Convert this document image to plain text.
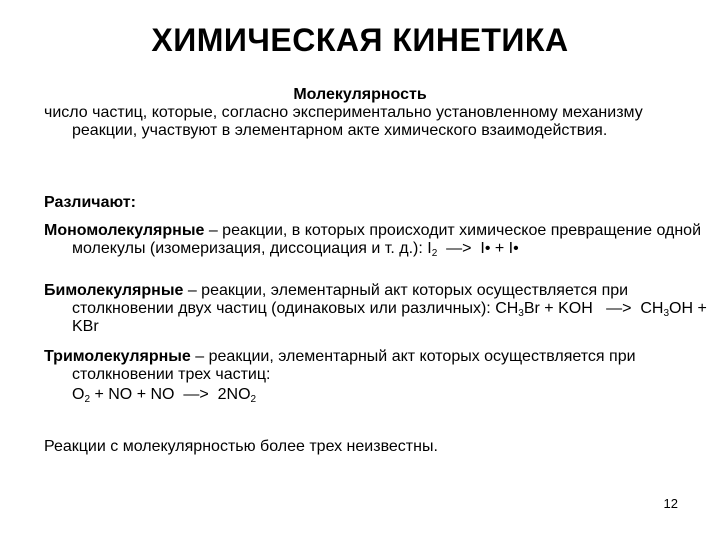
ХИМИЧЕСКАЯ КИНЕТИКА
Молекулярность
число частиц, которые, согласно экспериментально установленному механизму реакции, участвуют в элементарном акте химического взаимодействия.
Различают:
Мономолекулярные – реакции, в которых происходит химическое превращение одной молекулы (изомеризация, диссоциация и т. д.): $I_2$ —> I• + I•
Бимолекулярные – реакции, элементарный акт которых осуществляется при столкновении двух частиц (одинаковых или различных): $CH_3Br$ + KOH —> $CH_3OH$ + KBr
Тримолекулярные – реакции, элементарный акт которых осуществляется при столкновении трех частиц:
$O_2$ + NO + NO  —> $2NO_2$
Реакции с молекулярностью более трех неизвестны.
12
